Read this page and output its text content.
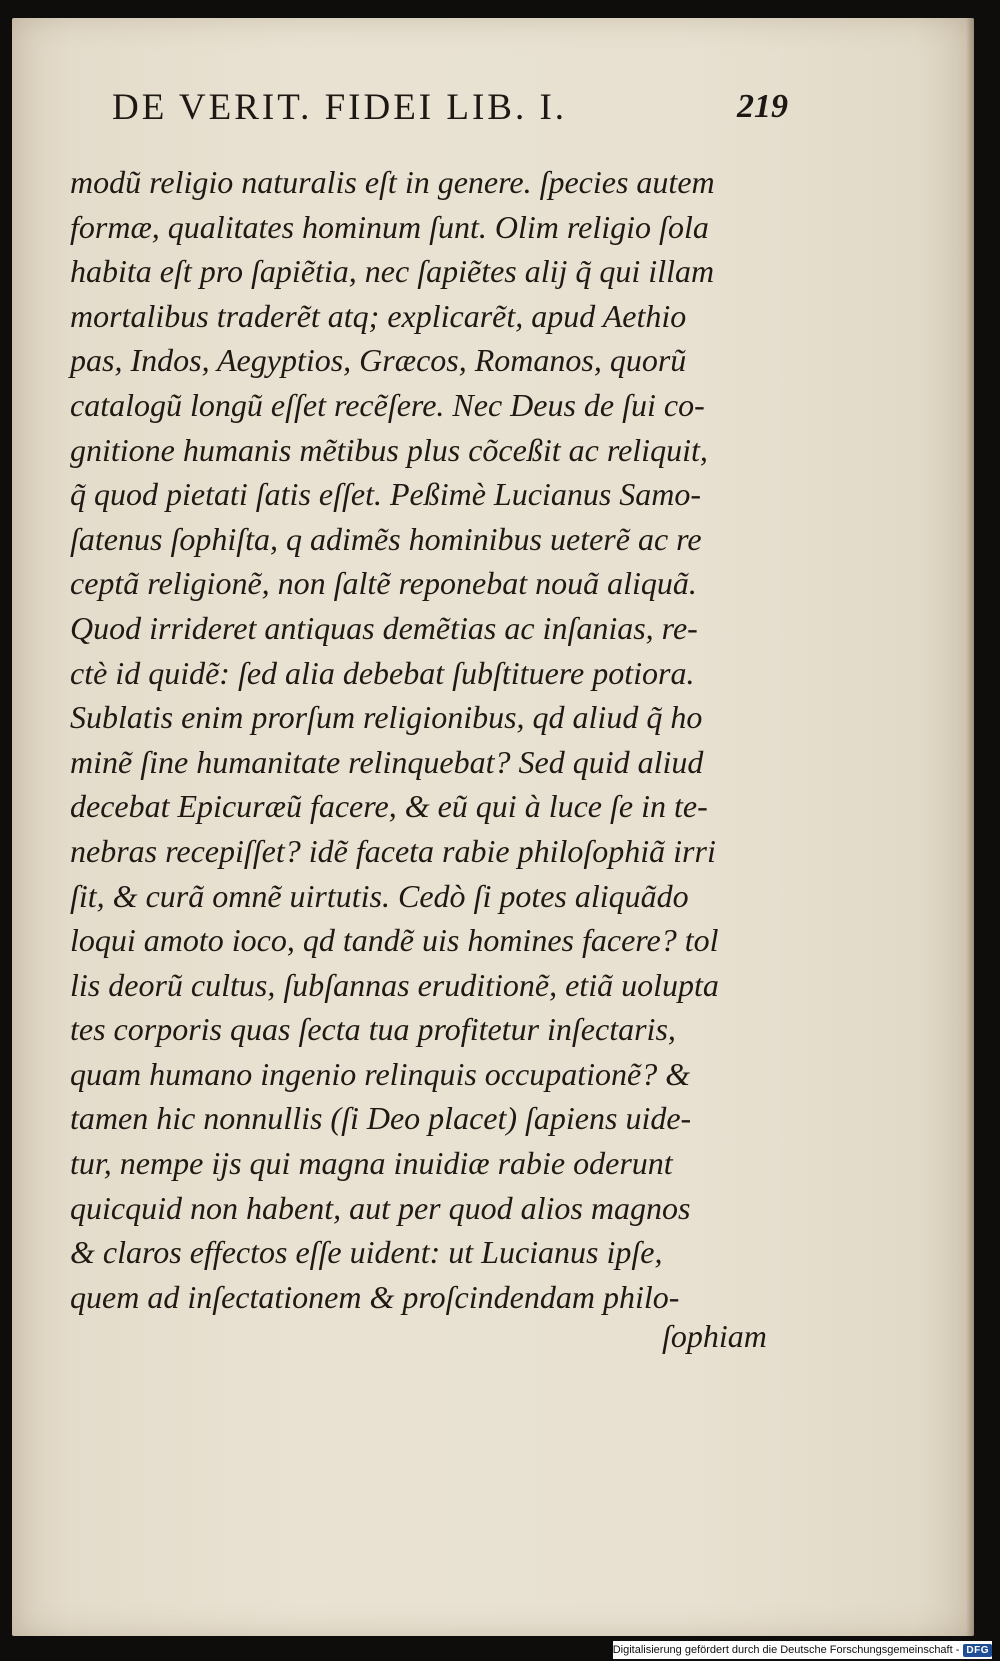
DE VERIT. FIDEI LIB. I.	219
modũ religio naturalis eſt in genere. ſpecies autem
formæ, qualitates hominum ſunt. Olim religio ſola
habita eſt pro ſapiẽtia, nec ſapiẽtes alij q̃ qui illam
mortalibus traderẽt atq; explicarẽt, apud Aethio
pas, Indos, Aegyptios, Græcos, Romanos, quorũ
catalogũ longũ eſſet recẽſere. Nec Deus de ſui co-
gnitione humanis mẽtibus plus cõceßit ac reliquit,
q̃ quod pietati ſatis eſſet. Peßimè Lucianus Samo-
ſatenus ſophiſta, q adimẽs hominibus ueterẽ ac re
ceptã religionẽ, non ſaltẽ reponebat nouã aliquã.
Quod irrideret antiquas demẽtias ac inſanias, re-
ctè id quidẽ: ſed alia debebat ſubſtituere potiora.
Sublatis enim prorſum religionibus, qd aliud q̃ ho
minẽ ſine humanitate relinquebat? Sed quid aliud
decebat Epicuræũ facere, & eũ qui à luce ſe in te-
nebras recepiſſet? idẽ faceta rabie philoſophiã irri
ſit, & curã omnẽ uirtutis. Cedò ſi potes aliquãdo
loqui amoto ioco, qd tandẽ uis homines facere? tol
lis deorũ cultus, ſubſannas eruditionẽ, etiã uolupta
tes corporis quas ſecta tua profitetur inſectaris,
quam humano ingenio relinquis occupationẽ? &
tamen hic nonnullis (ſi Deo placet) ſapiens uide-
tur, nempe ijs qui magna inuidiæ rabie oderunt
quicquid non habent, aut per quod alios magnos
& claros effectos eſſe uident: ut Lucianus ipſe,
quem ad inſectationem & proſcindendam philo-
ſophiam
Digitalisierung gefördert durch die Deutsche Forschungsgemeinschaft - DFG
